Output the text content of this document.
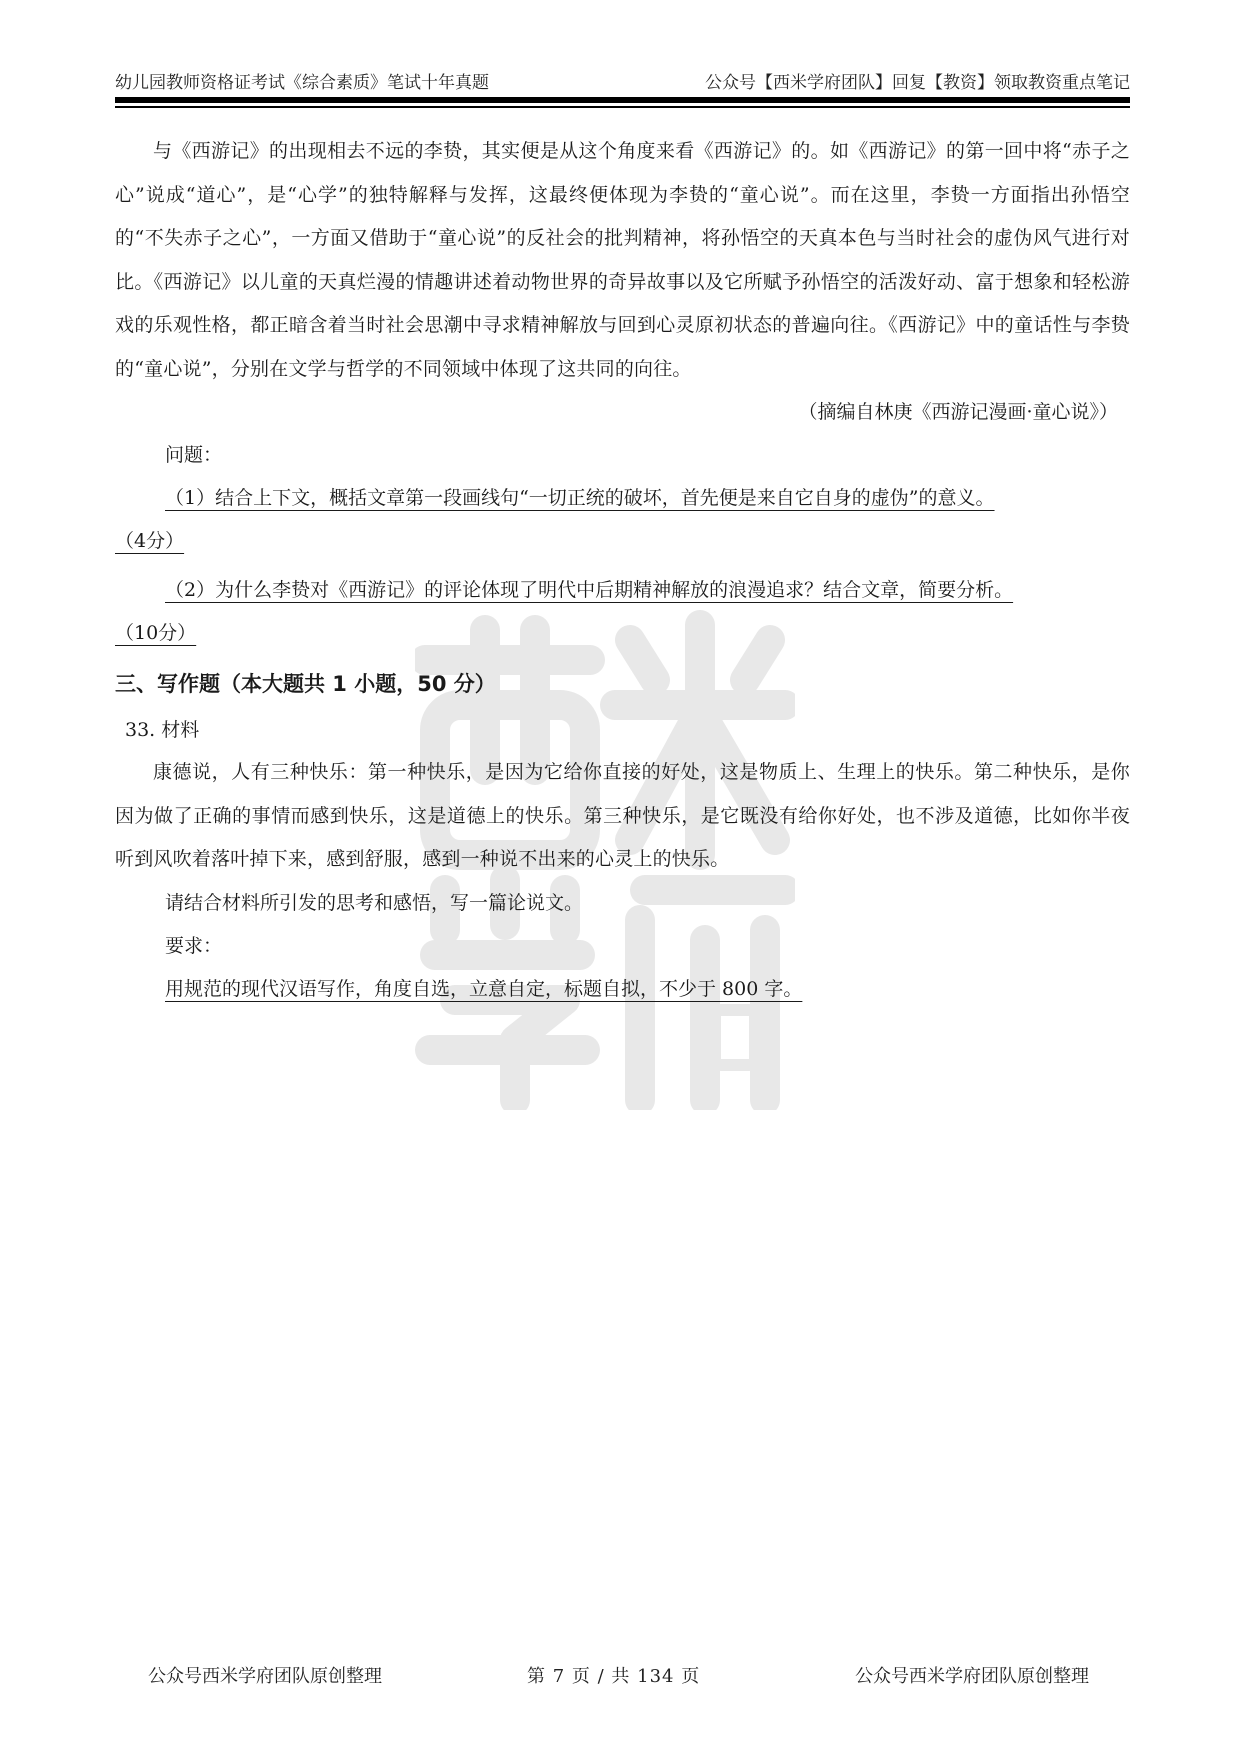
幼儿园教师资格证考试《综合素质》笔试十年真题	公众号【西米学府团队】回复【教资】领取教资重点笔记

与《西游记》的出现相去不远的李贽，其实便是从这个角度来看《西游记》的。如《西游记》的第一回中将“赤子之心”说成“道心”，是“心学”的独特解释与发挥，这最终便体现为李贽的“童心说”。而在这里，李贽一方面指出孙悟空的“不失赤子之心”，一方面又借助于“童心说”的反社会的批判精神，将孙悟空的天真本色与当时社会的虚伪风气进行对比。《西游记》以儿童的天真烂漫的情趣讲述着动物世界的奇异故事以及它所赋予孙悟空的活泼好动、富于想象和轻松游戏的乐观性格，都正暗含着当时社会思潮中寻求精神解放与回到心灵原初状态的普遍向往。《西游记》中的童话性与李贽的“童心说”，分别在文学与哲学的不同领域中体现了这共同的向往。

（摘编自林庚《西游记漫画·童心说》）

问题：

（1）结合上下文，概括文章第一段画线句“一切正统的破坏，首先便是来自它自身的虚伪”的意义。
（4分）
（2）为什么李贽对《西游记》的评论体现了明代中后期精神解放的浪漫追求？结合文章，简要分析。
（10分）
三、写作题（本大题共 1 小题，50 分）

33. 材料

康德说，人有三种快乐：第一种快乐，是因为它给你直接的好处，这是物质上、生理上的快乐。第二种快乐，是你因为做了正确的事情而感到快乐，这是道德上的快乐。第三种快乐，是它既没有给你好处，也不涉及道德，比如你半夜听到风吹着落叶掉下来，感到舒服，感到一种说不出来的心灵上的快乐。

请结合材料所引发的思考和感悟，写一篇论说文。

要求：

用规范的现代汉语写作，角度自选，立意自定，标题自拟，不少于 800 字。

公众号西米学府团队原创整理	第 7 页 / 共 134 页	公众号西米学府团队原创整理
